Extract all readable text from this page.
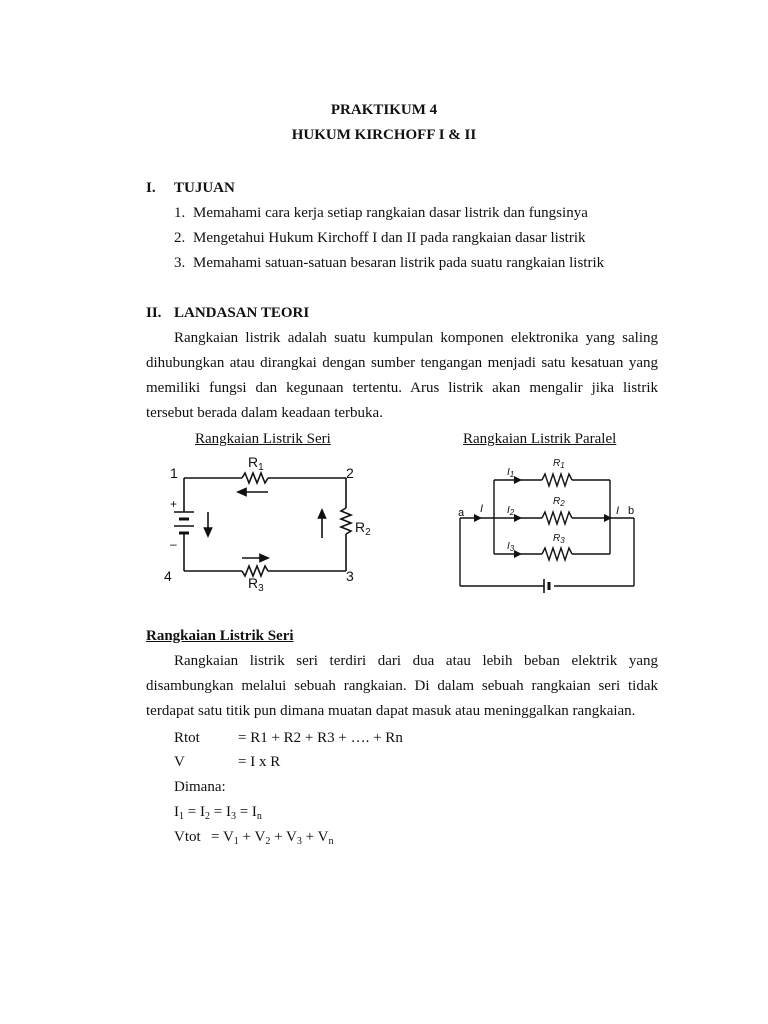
PRAKTIKUM 4
HUKUM KIRCHOFF I & II
I. TUJUAN
1. Memahami cara kerja setiap rangkaian dasar listrik dan fungsinya
2. Mengetahui Hukum Kirchoff I dan II pada rangkaian dasar listrik
3. Memahami satuan-satuan besaran listrik pada suatu rangkaian listrik
II. LANDASAN TEORI
Rangkaian listrik adalah suatu kumpulan komponen elektronika yang saling
dihubungkan atau dirangkai dengan sumber tengangan menjadi satu kesatuan yang
memiliki fungsi dan kegunaan tertentu. Arus listrik akan mengalir jika listrik
tersebut berada dalam keadaan terbuka.
Rangkaian Listrik Seri	Rangkaian Listrik Paralel
1	2
3
4
+
–
$R_1$
$R_2$
$R_3$
a	b
I	I
$I_1$
$I_2$
$I_3$
$R_1$
$R_2$
$R_3$
Rangkaian Listrik Seri
Rangkaian listrik seri terdiri dari dua atau lebih beban elektrik yang
disambungkan melalui sebuah rangkaian. Di dalam sebuah rangkaian seri tidak
terdapat satu titik pun dimana muatan dapat masuk atau meninggalkan rangkaian.
Rtot	= R1 + R2 + R3 + …. + Rn
V	= I x R
Dimana:
$I_1 = I_2 = I_3 = I_n$
Vtot = $V_1 + V_2 + V_3 + V_n$
